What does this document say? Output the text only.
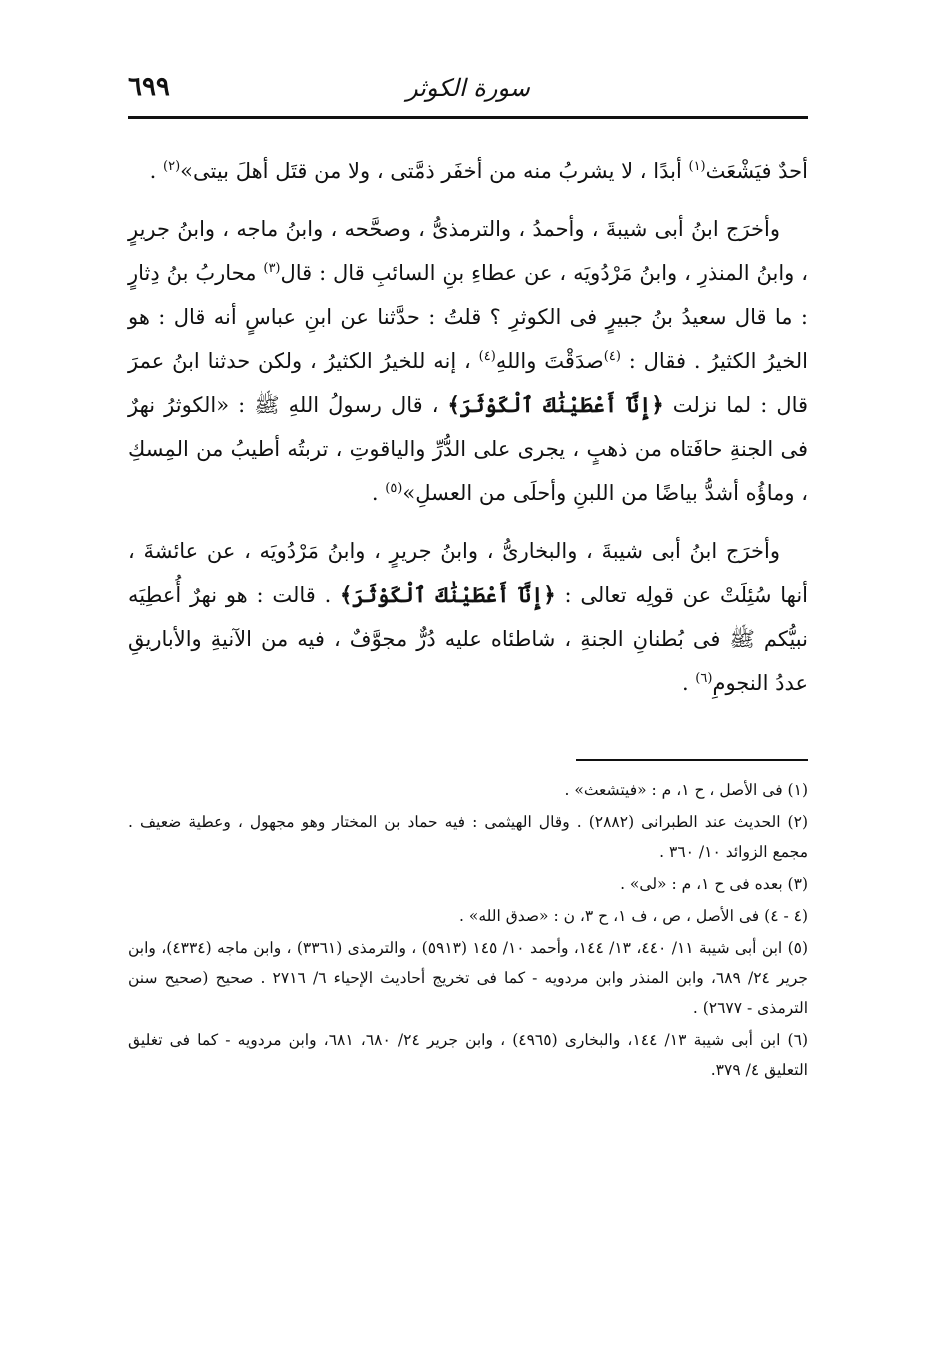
سورة الكوثر
٦٩٩

أحدٌ فيَشْعَث$^{(١)}$ أبدًا ، لا يشربُ منه من أخفَر ذمَّتى ، ولا من قتَل أهلَ بيتى»$^{(٢)}$ .

وأخرَج ابنُ أبى شيبةَ ، وأحمدُ ، والترمذىُّ ، وصحَّحه ، وابنُ ماجه ، وابنُ جريرٍ ، وابنُ المنذرِ ، وابنُ مَرْدُويَه ، عن عطاءِ بنِ السائبِ قال : قال$^{(٣)}$ محاربُ بنُ دِثارٍ : ما قال سعيدُ بنُ جبيرٍ فى الكوثرِ ؟ قلتُ : حدَّثنا عن ابنِ عباسٍ أنه قال : هو الخيرُ الكثيرُ . فقال : $^{(٤)}$صدَقْتَ واللهِ$^{(٤)}$ ، إنه للخيرُ الكثيرُ ، ولكن حدثنا ابنُ عمرَ قال : لما نزلت ﴿إِنَّآ أَعْطَيْنَٰكَ ٱلْكَوْثَرَ﴾ ، قال رسولُ اللهِ ﷺ : «الكوثرُ نهرٌ فى الجنةِ حافَتاه من ذهبٍ ، يجرى على الدُّرِّ والياقوتِ ، تربتُه أطيبُ من المِسكِ ، وماؤُه أشدُّ بياضًا من اللبنِ وأحلَى من العسلِ»$^{(٥)}$ .

وأخرَج ابنُ أبى شيبةَ ، والبخارىُّ ، وابنُ جريرٍ ، وابنُ مَرْدُويَه ، عن عائشةَ ، أنها سُئِلَتْ عن قولِه تعالى : ﴿إِنَّآ أَعْطَيْنَٰكَ ٱلْكَوْثَرَ﴾ . قالت : هو نهرٌ أُعطِيَه نبيُّكم ﷺ فى بُطنانِ الجنةِ ، شاطئاه عليه دُرٌّ مجوَّفٌ ، فيه من الآنيةِ والأباريقِ عددُ النجومِ$^{(٦)}$ .

(١) فى الأصل ، ح ١، م : «فيتشعث» .

(٢) الحديث عند الطبرانى (٢٨٨٢) . وقال الهيثمى : فيه حماد بن المختار وهو مجهول ، وعطية ضعيف . مجمع الزوائد ١٠/ ٣٦٠ .

(٣) بعده فى ح ١، م : «لى» .

(٤ - ٤) فى الأصل ، ص ، ف ١، ح ٣، ن : «صدق الله» .

(٥) ابن أبى شيبة ١١/ ٤٤٠، ١٣/ ١٤٤، وأحمد ١٠/ ١٤٥ (٥٩١٣) ، والترمذى (٣٣٦١) ، وابن ماجه (٤٣٣٤)، وابن جرير ٢٤/ ٦٨٩، وابن المنذر وابن مردويه - كما فى تخريج أحاديث الإحياء ٦/ ٢٧١٦ . صحيح (صحيح سنن الترمذى - ٢٦٧٧) .

(٦) ابن أبى شيبة ١٣/ ١٤٤، والبخارى (٤٩٦٥) ، وابن جرير ٢٤/ ٦٨٠، ٦٨١، وابن مردويه - كما فى تغليق التعليق ٤/ ٣٧٩.
